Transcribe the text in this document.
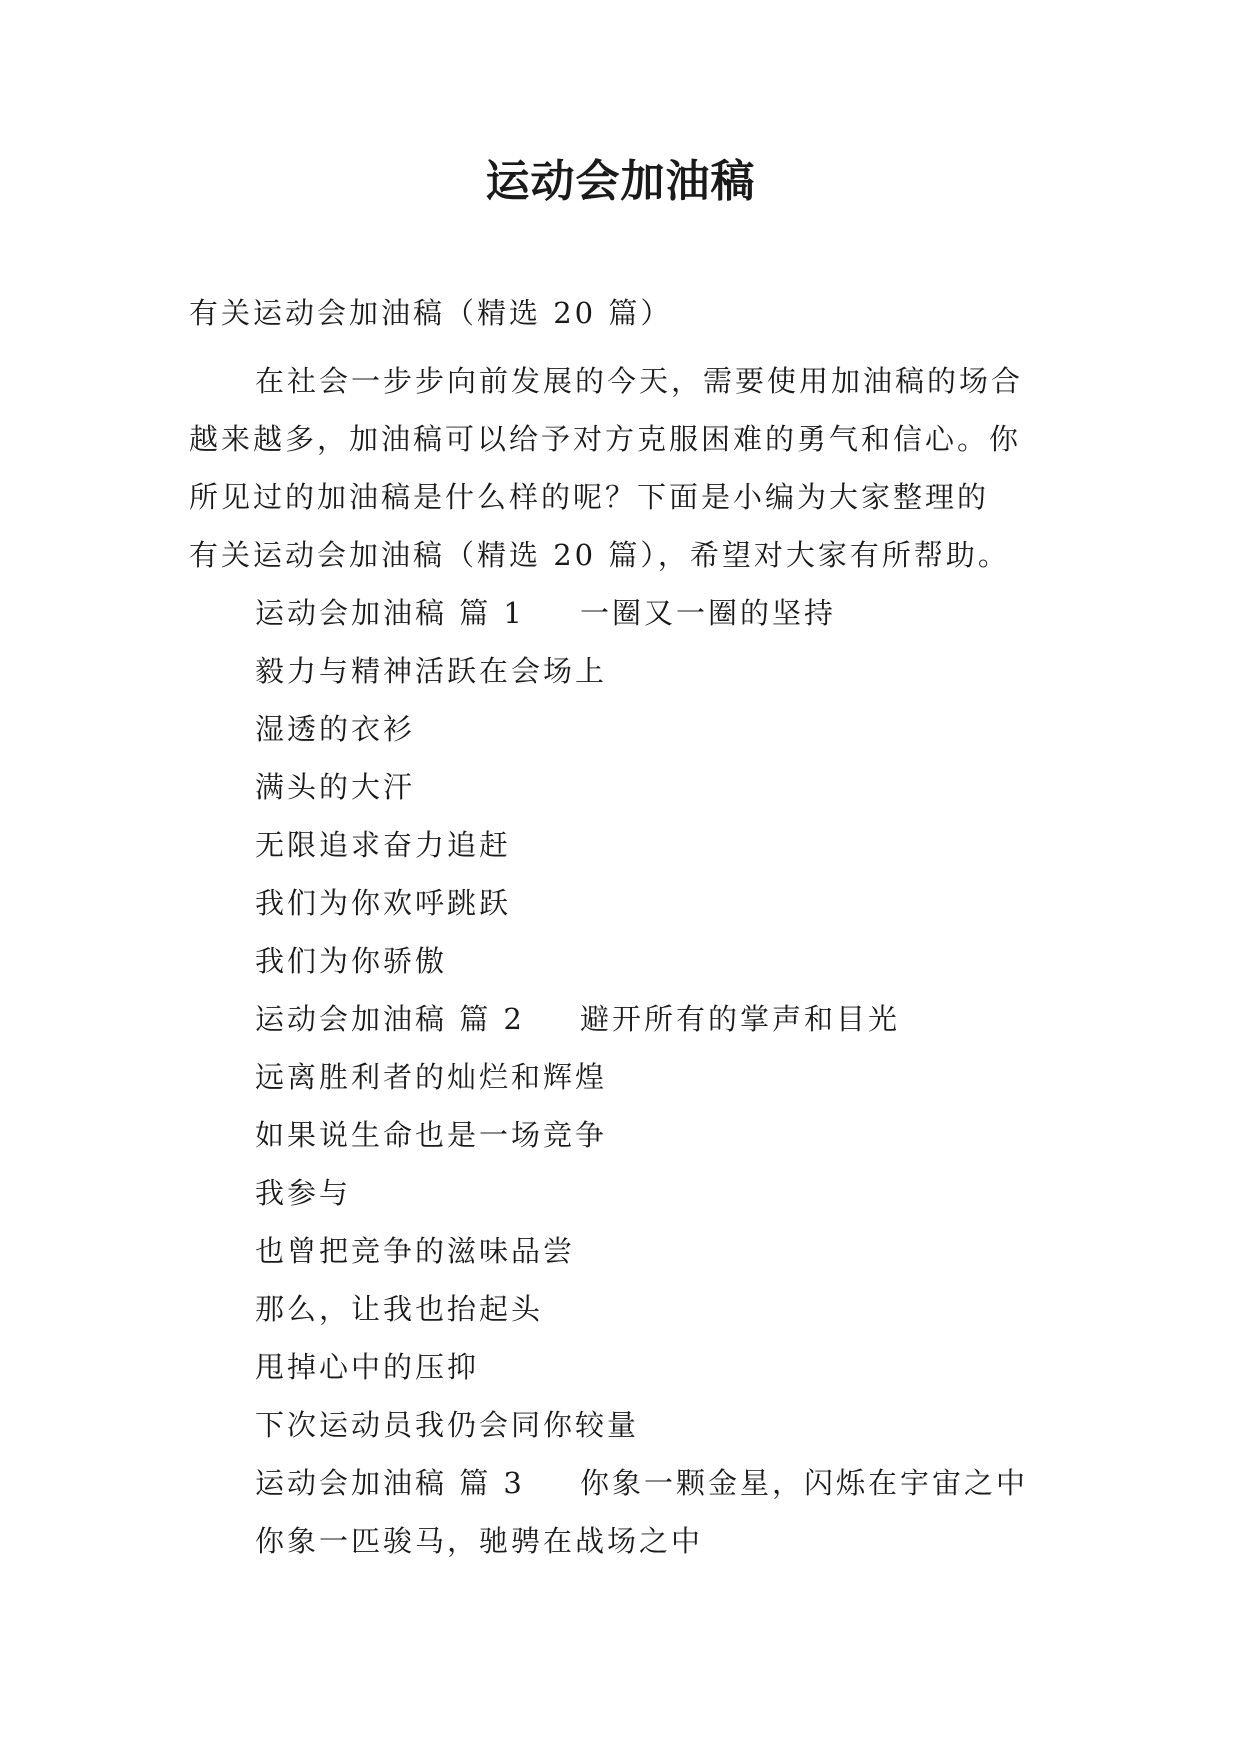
运动会加油稿
有关运动会加油稿（精选 20 篇）
在社会一步步向前发展的今天，需要使用加油稿的场合
越来越多，加油稿可以给予对方克服困难的勇气和信心。你
所见过的加油稿是什么样的呢？下面是小编为大家整理的
有关运动会加油稿（精选 20 篇），希望对大家有所帮助。
运动会加油稿 篇 1 一圈又一圈的坚持
毅力与精神活跃在会场上
湿透的衣衫
满头的大汗
无限追求奋力追赶
我们为你欢呼跳跃
我们为你骄傲
运动会加油稿 篇 2 避开所有的掌声和目光
远离胜利者的灿烂和辉煌
如果说生命也是一场竞争
我参与
也曾把竞争的滋味品尝
那么，让我也抬起头
甩掉心中的压抑
下次运动员我仍会同你较量
运动会加油稿 篇 3 你象一颗金星，闪烁在宇宙之中
你象一匹骏马，驰骋在战场之中
